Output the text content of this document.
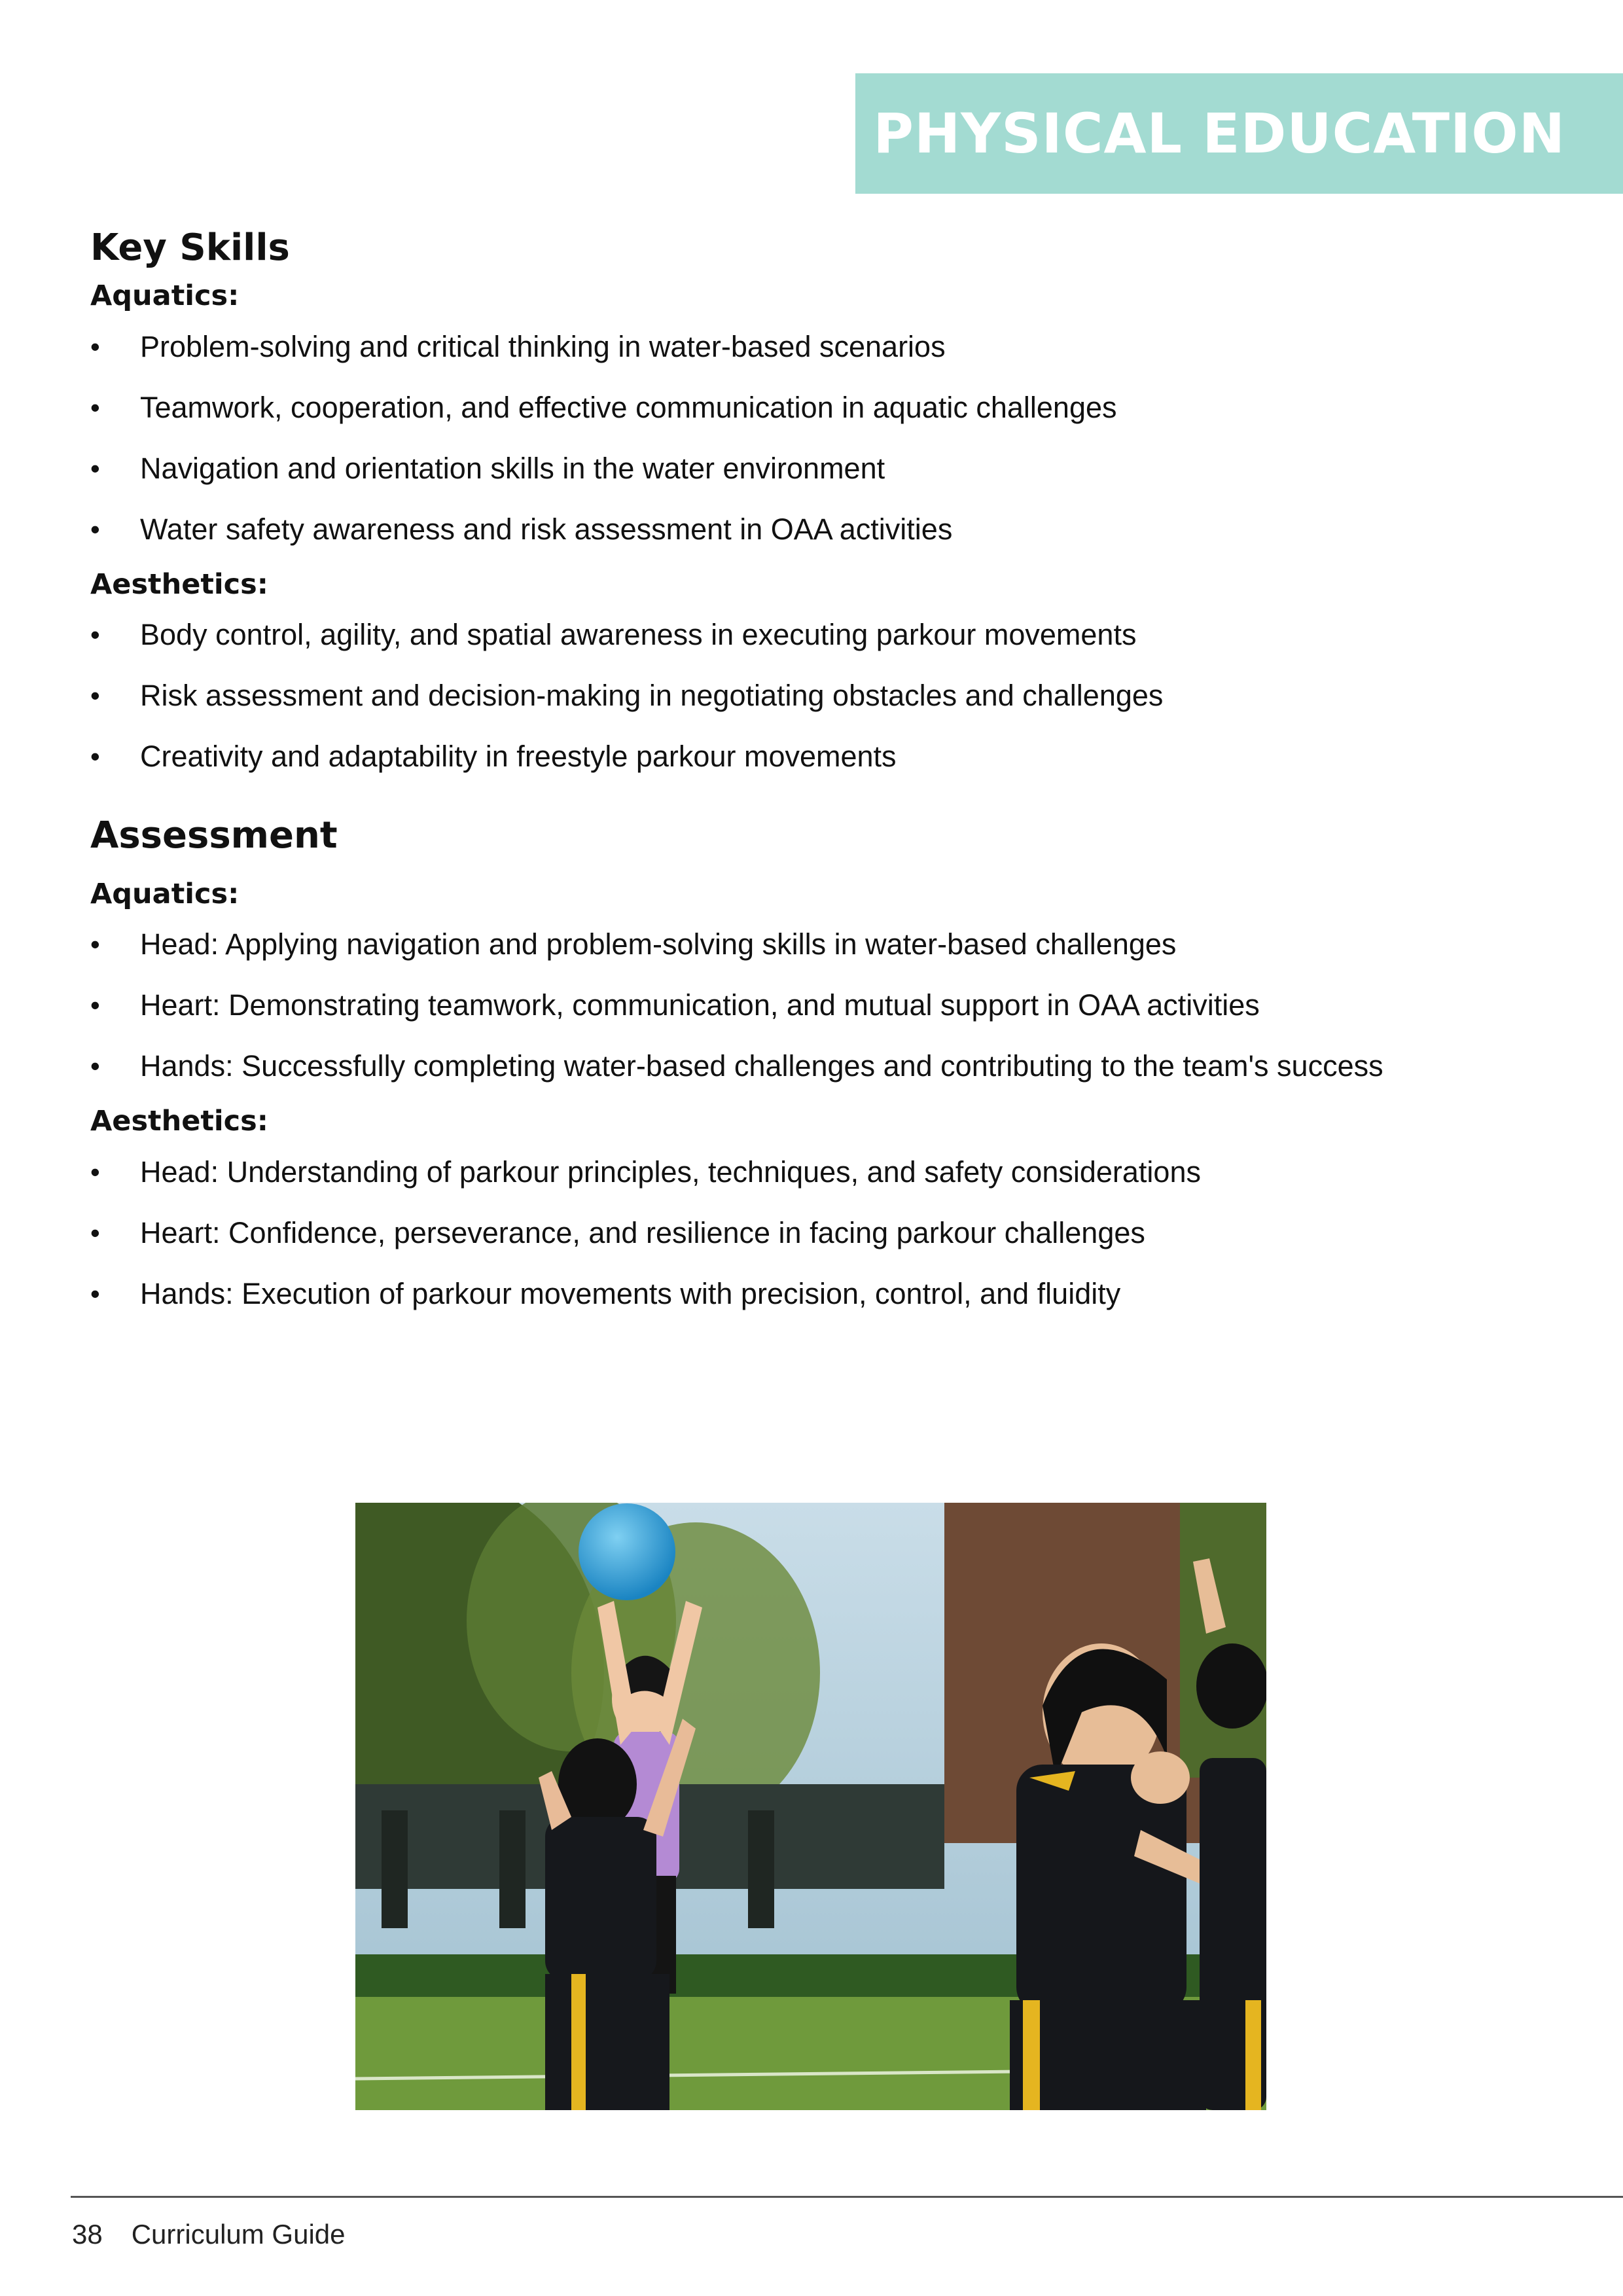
PHYSICAL EDUCATION
Key Skills

Aquatics:

• Problem-solving and critical thinking in water-based scenarios
• Teamwork, cooperation, and effective communication in aquatic challenges
• Navigation and orientation skills in the water environment
• Water safety awareness and risk assessment in OAA activities

Aesthetics:

• Body control, agility, and spatial awareness in executing parkour movements
• Risk assessment and decision-making in negotiating obstacles and challenges
• Creativity and adaptability in freestyle parkour movements
Assessment

Aquatics:

• Head: Applying navigation and problem-solving skills in water-based challenges
• Heart: Demonstrating teamwork, communication, and mutual support in OAA activities
• Hands: Successfully completing water-based challenges and contributing to the team's success

Aesthetics:

• Head: Understanding of parkour principles, techniques, and safety considerations
• Heart: Confidence, perseverance, and resilience in facing parkour challenges
• Hands: Execution of parkour movements with precision, control, and fluidity
38 Curriculum Guide
